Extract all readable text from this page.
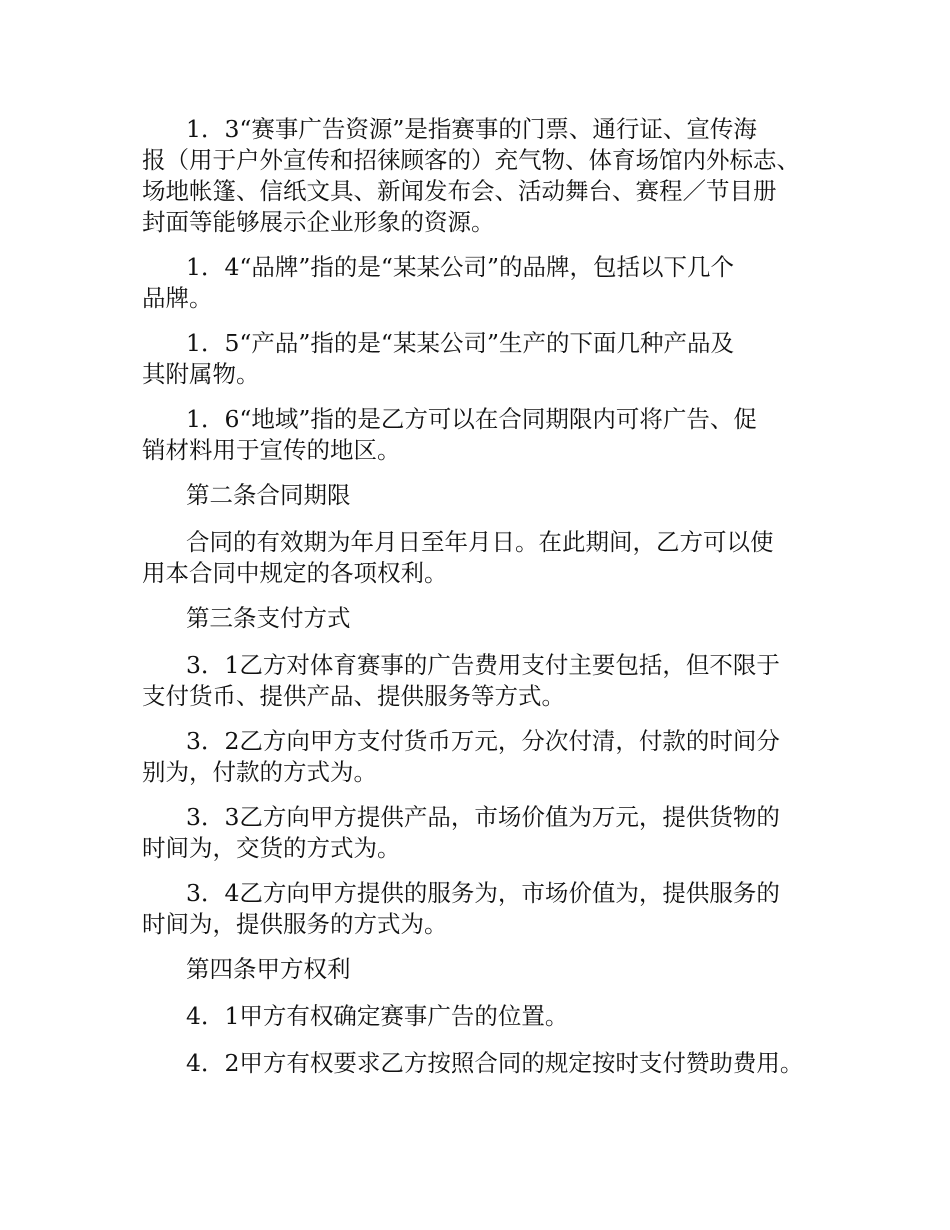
1．3“赛事广告资源”是指赛事的门票、通行证、宣传海
报（用于户外宣传和招徕顾客的）充气物、体育场馆内外标志、
场地帐篷、信纸文具、新闻发布会、活动舞台、赛程／节目册
封面等能够展示企业形象的资源。
1．4“品牌”指的是“某某公司”的品牌，包括以下几个
品牌。
1．5“产品”指的是“某某公司”生产的下面几种产品及
其附属物。
1．6“地域”指的是乙方可以在合同期限内可将广告、促
销材料用于宣传的地区。
第二条合同期限
合同的有效期为年月日至年月日。在此期间，乙方可以使
用本合同中规定的各项权利。
第三条支付方式
3．1乙方对体育赛事的广告费用支付主要包括，但不限于
支付货币、提供产品、提供服务等方式。
3．2乙方向甲方支付货币万元，分次付清，付款的时间分
别为，付款的方式为。
3．3乙方向甲方提供产品，市场价值为万元，提供货物的
时间为，交货的方式为。
3．4乙方向甲方提供的服务为，市场价值为，提供服务的
时间为，提供服务的方式为。
第四条甲方权利
4．1甲方有权确定赛事广告的位置。
4．2甲方有权要求乙方按照合同的规定按时支付赞助费用。
